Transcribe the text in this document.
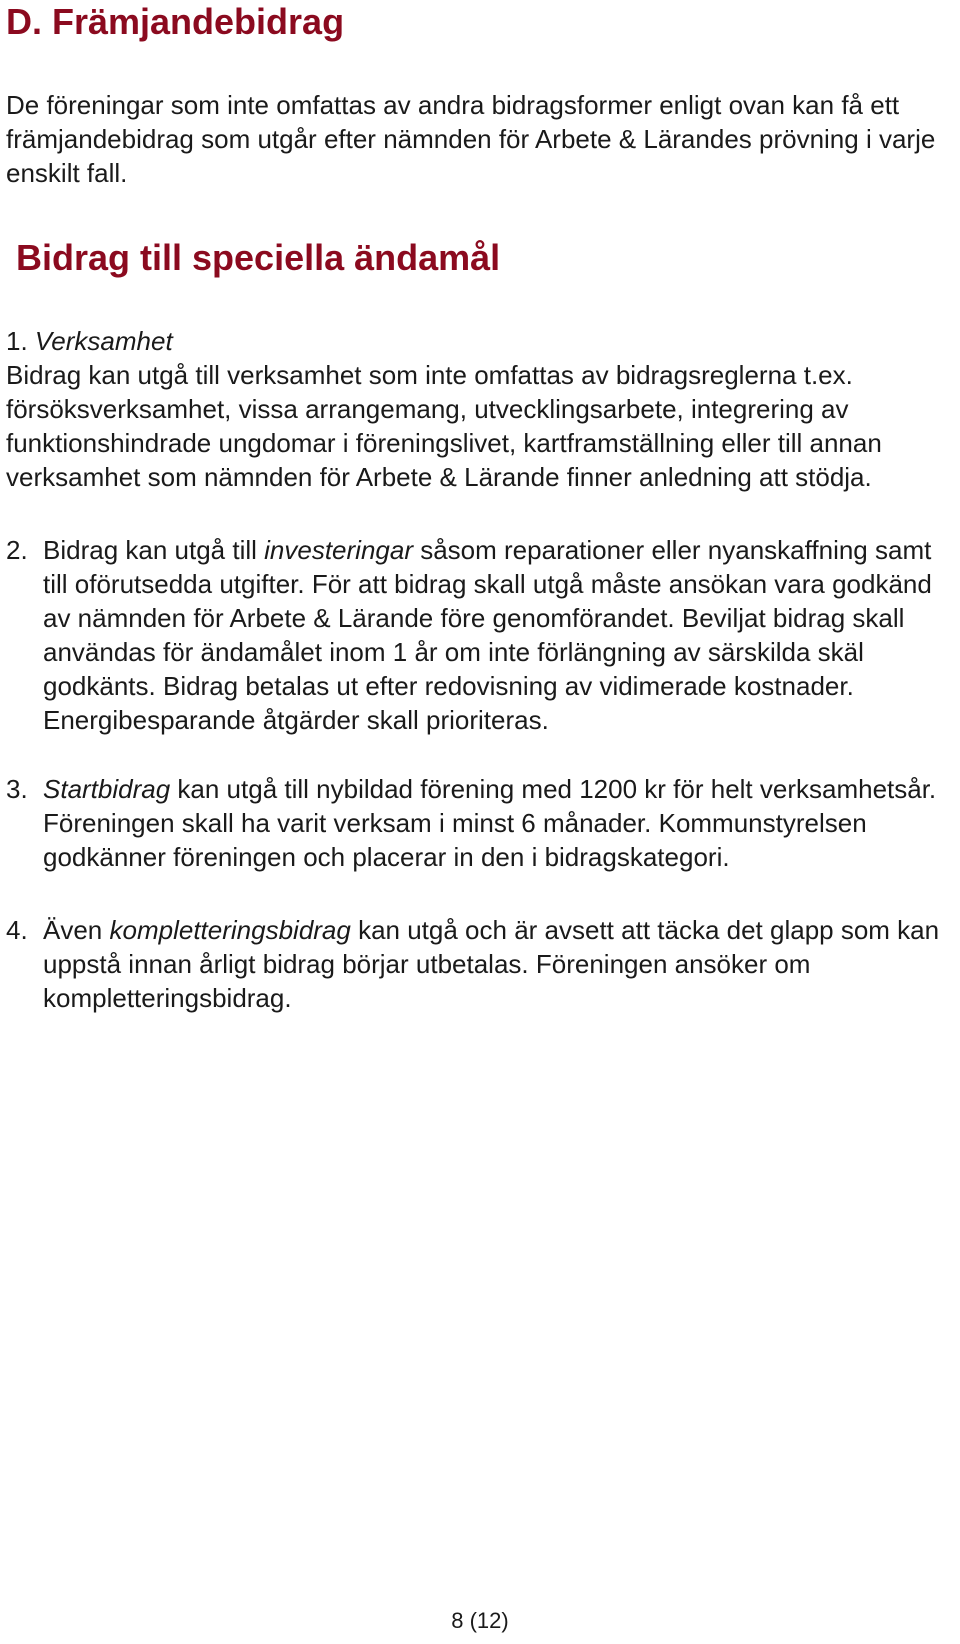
D. Främjandebidrag

De föreningar som inte omfattas av andra bidragsformer enligt ovan kan få ett främjandebidrag som utgår efter nämnden för Arbete & Lärandes prövning i varje enskilt fall.

Bidrag till speciella ändamål
1. Verksamhet
Bidrag kan utgå till verksamhet som inte omfattas av bidragsreglerna t.ex. försöksverksamhet, vissa arrangemang, utvecklingsarbete, integrering av funktionshindrade ungdomar i föreningslivet, kartframställning eller till annan verksamhet som nämnden för Arbete & Lärande finner anledning att stödja.
2. Bidrag kan utgå till investeringar såsom reparationer eller nyanskaffning samt till oförutsedda utgifter. För att bidrag skall utgå måste ansökan vara godkänd av nämnden för Arbete & Lärande före genomförandet. Beviljat bidrag skall användas för ändamålet inom 1 år om inte förlängning av särskilda skäl godkänts. Bidrag betalas ut efter redovisning av vidimerade kostnader. Energibesparande åtgärder skall prioriteras.
3. Startbidrag kan utgå till nybildad förening med 1200 kr för helt verksamhetsår. Föreningen skall ha varit verksam i minst 6 månader. Kommunstyrelsen godkänner föreningen och placerar in den i bidragskategori.
4. Även kompletteringsbidrag kan utgå och är avsett att täcka det glapp som kan uppstå innan årligt bidrag börjar utbetalas. Föreningen ansöker om kompletteringsbidrag.
8 (12)
